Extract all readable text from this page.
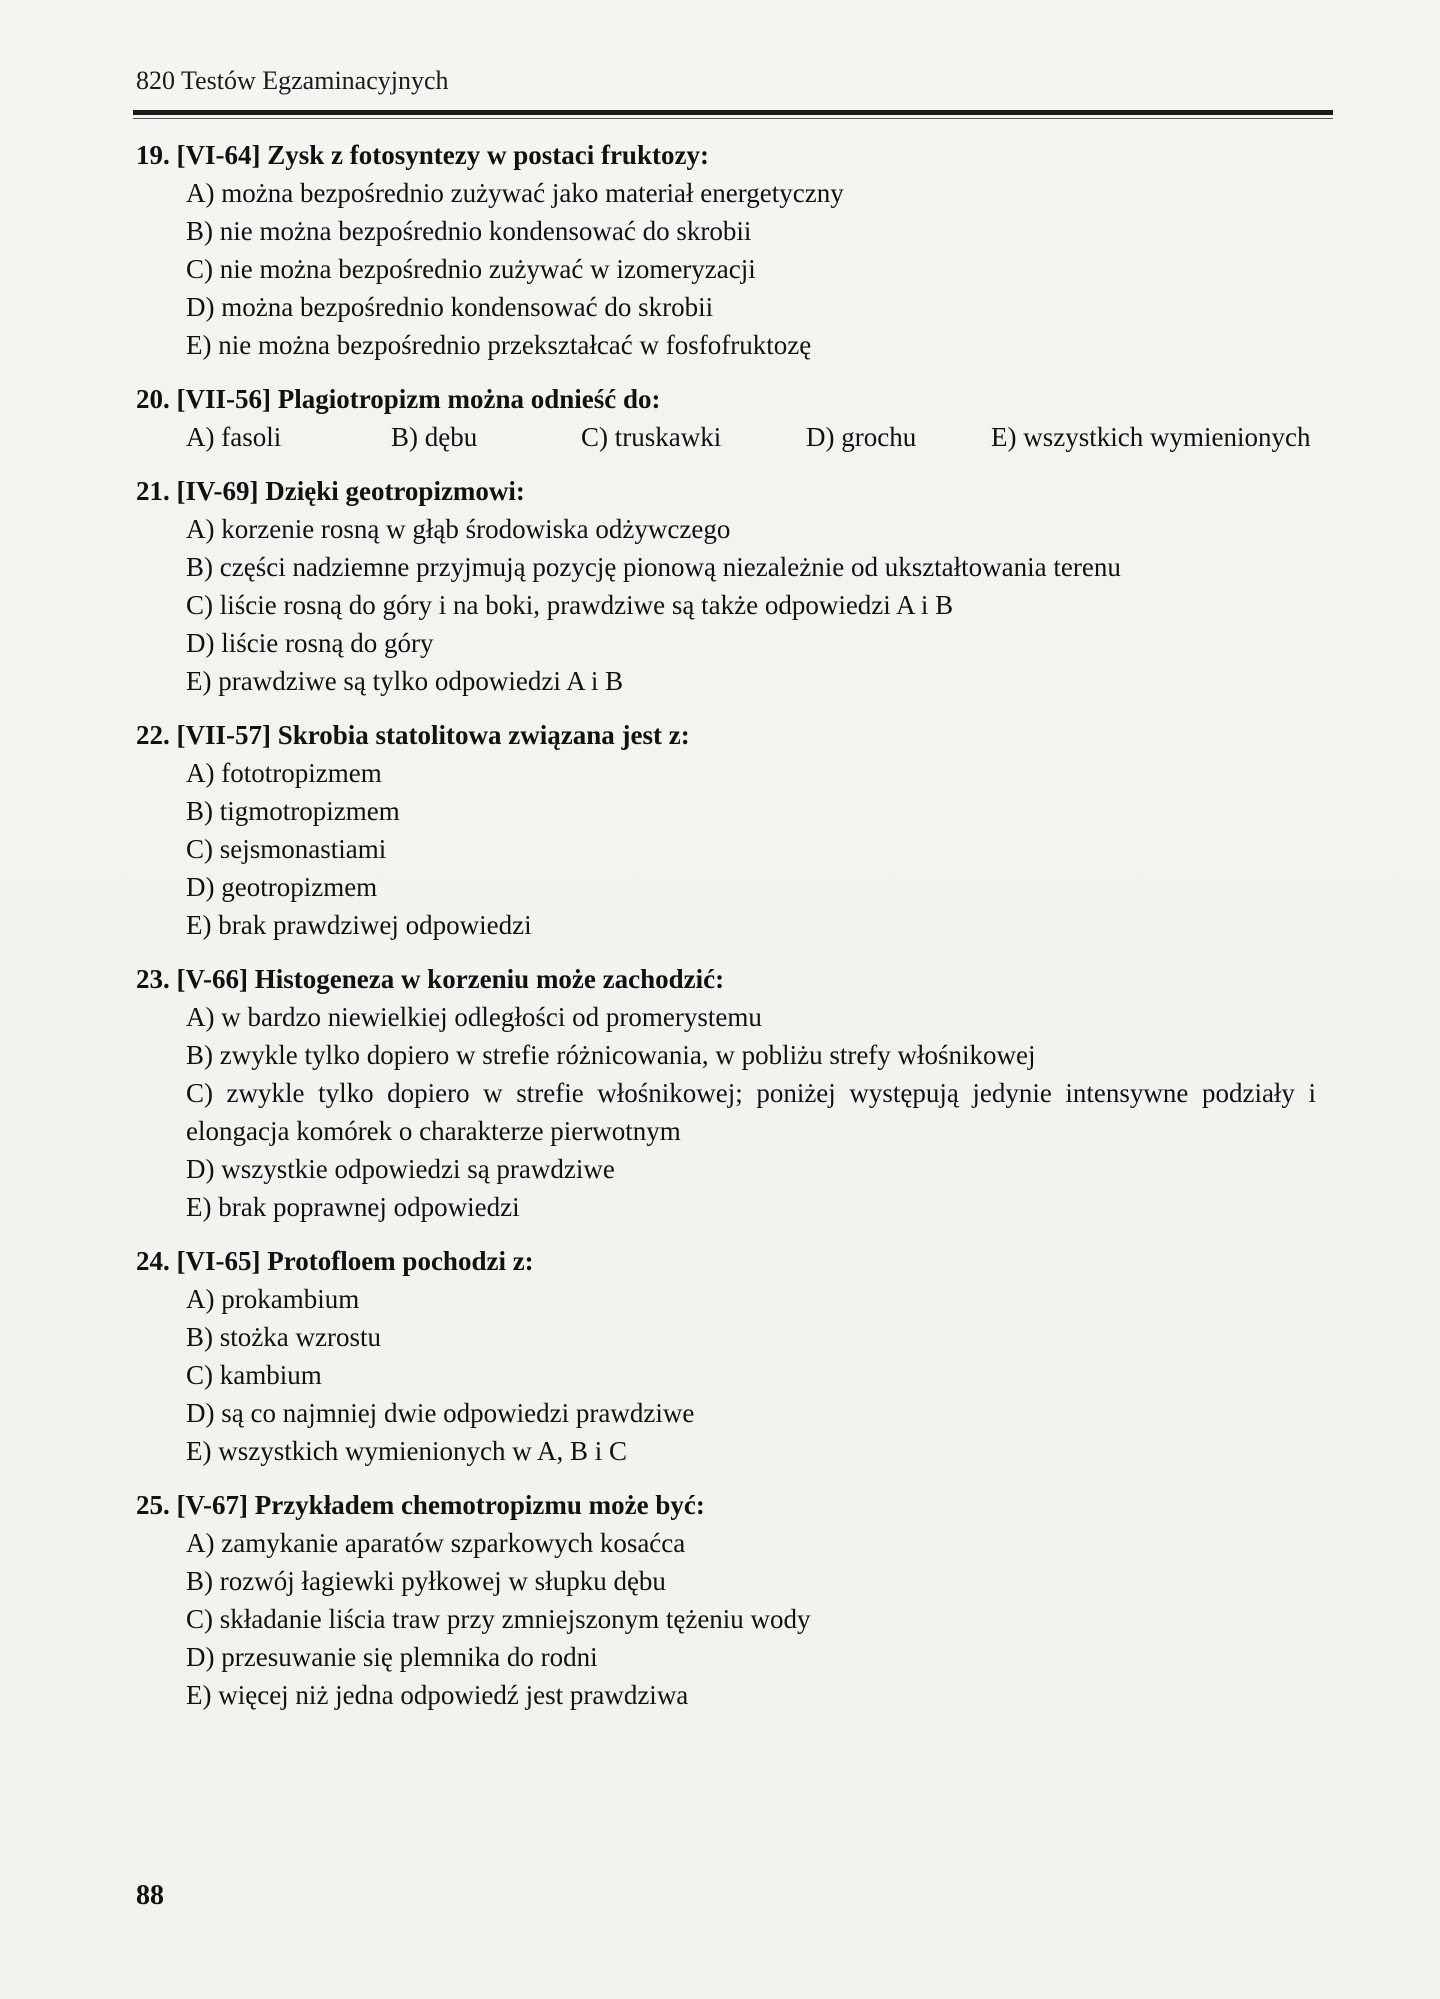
820 Testów Egzaminacyjnych

19. [VI-64] Zysk z fotosyntezy w postaci fruktozy:

A) można bezpośrednio zużywać jako materiał energetyczny
B) nie można bezpośrednio kondensować do skrobii
C) nie można bezpośrednio zużywać w izomeryzacji
D) można bezpośrednio kondensować do skrobii
E) nie można bezpośrednio przekształcać w fosfofruktozę

20. [VII-56] Plagiotropizm można odnieść do:

A) fasoli	B) dębu	C) truskawki	D) grochu	E) wszystkich wymienionych

21. [IV-69] Dzięki geotropizmowi:

A) korzenie rosną w głąb środowiska odżywczego
B) części nadziemne przyjmują pozycję pionową niezależnie od ukształtowania terenu
C) liście rosną do góry i na boki, prawdziwe są także odpowiedzi A i B
D) liście rosną do góry
E) prawdziwe są tylko odpowiedzi A i B

22. [VII-57] Skrobia statolitowa związana jest z:

A) fototropizmem
B) tigmotropizmem
C) sejsmonastiami
D) geotropizmem
E) brak prawdziwej odpowiedzi

23. [V-66] Histogeneza w korzeniu może zachodzić:

A) w bardzo niewielkiej odległości od promerystemu
B) zwykle tylko dopiero w strefie różnicowania, w pobliżu strefy włośnikowej
C) zwykle tylko dopiero w strefie włośnikowej; poniżej występują jedynie intensywne podziały i elongacja komórek o charakterze pierwotnym
D) wszystkie odpowiedzi są prawdziwe
E) brak poprawnej odpowiedzi

24. [VI-65] Protofloem pochodzi z:

A) prokambium
B) stożka wzrostu
C) kambium
D) są co najmniej dwie odpowiedzi prawdziwe
E) wszystkich wymienionych w A, B i C

25. [V-67] Przykładem chemotropizmu może być:

A) zamykanie aparatów szparkowych kosaćca
B) rozwój łagiewki pyłkowej w słupku dębu
C) składanie liścia traw przy zmniejszonym tężeniu wody
D) przesuwanie się plemnika do rodni
E) więcej niż jedna odpowiedź jest prawdziwa
88
